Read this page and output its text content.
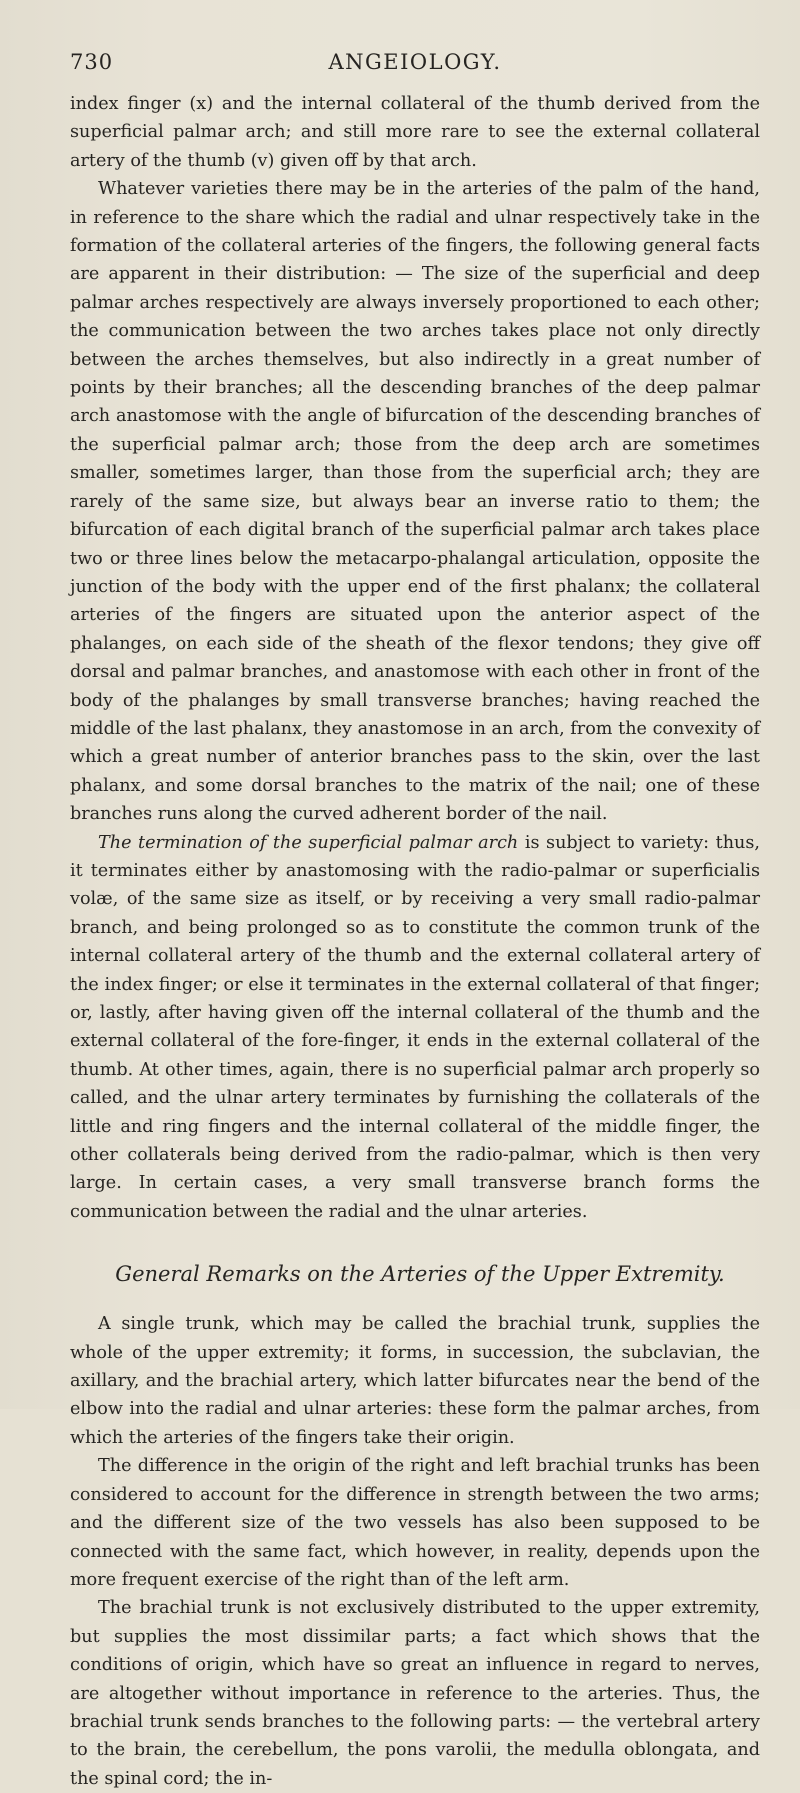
730	ANGEIOLOGY.

index finger (x) and the internal collateral of the thumb derived from the superficial palmar arch; and still more rare to see the external collateral artery of the thumb (v) given off by that arch.

Whatever varieties there may be in the arteries of the palm of the hand, in reference to the share which the radial and ulnar respectively take in the formation of the collateral arteries of the fingers, the following general facts are apparent in their distribution: — The size of the superficial and deep palmar arches respectively are always inversely proportioned to each other; the communication between the two arches takes place not only directly between the arches themselves, but also indirectly in a great number of points by their branches; all the descending branches of the deep palmar arch anastomose with the angle of bifurcation of the descending branches of the superficial palmar arch; those from the deep arch are sometimes smaller, sometimes larger, than those from the superficial arch; they are rarely of the same size, but always bear an inverse ratio to them; the bifurcation of each digital branch of the superficial palmar arch takes place two or three lines below the metacarpo-phalangal articulation, opposite the junction of the body with the upper end of the first phalanx; the collateral arteries of the fingers are situated upon the anterior aspect of the phalanges, on each side of the sheath of the flexor tendons; they give off dorsal and palmar branches, and anastomose with each other in front of the body of the phalanges by small transverse branches; having reached the middle of the last phalanx, they anastomose in an arch, from the convexity of which a great number of anterior branches pass to the skin, over the last phalanx, and some dorsal branches to the matrix of the nail; one of these branches runs along the curved adherent border of the nail.

The termination of the superficial palmar arch is subject to variety: thus, it terminates either by anastomosing with the radio-palmar or superficialis volæ, of the same size as itself, or by receiving a very small radio-palmar branch, and being prolonged so as to constitute the common trunk of the internal collateral artery of the thumb and the external collateral artery of the index finger; or else it terminates in the external collateral of that finger; or, lastly, after having given off the internal collateral of the thumb and the external collateral of the fore-finger, it ends in the external collateral of the thumb. At other times, again, there is no superficial palmar arch properly so called, and the ulnar artery terminates by furnishing the collaterals of the little and ring fingers and the internal collateral of the middle finger, the other collaterals being derived from the radio-palmar, which is then very large. In certain cases, a very small transverse branch forms the communication between the radial and the ulnar arteries.

General Remarks on the Arteries of the Upper Extremity.

A single trunk, which may be called the brachial trunk, supplies the whole of the upper extremity; it forms, in succession, the subclavian, the axillary, and the brachial artery, which latter bifurcates near the bend of the elbow into the radial and ulnar arteries: these form the palmar arches, from which the arteries of the fingers take their origin.

The difference in the origin of the right and left brachial trunks has been considered to account for the difference in strength between the two arms; and the different size of the two vessels has also been supposed to be connected with the same fact, which however, in reality, depends upon the more frequent exercise of the right than of the left arm.

The brachial trunk is not exclusively distributed to the upper extremity, but supplies the most dissimilar parts; a fact which shows that the conditions of origin, which have so great an influence in regard to nerves, are altogether without importance in reference to the arteries. Thus, the brachial trunk sends branches to the following parts: — the vertebral artery to the brain, the cerebellum, the pons varolii, the medulla oblongata, and the spinal cord; the in-
